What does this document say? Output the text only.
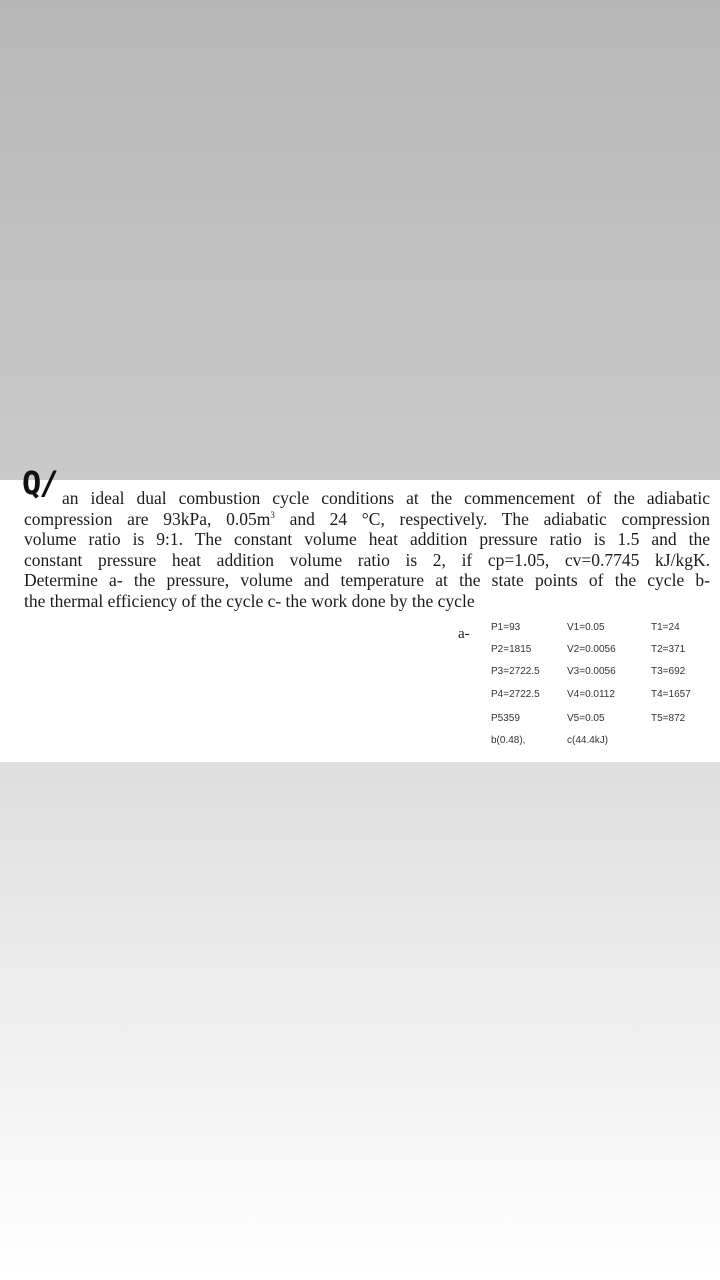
Q/ an ideal dual combustion cycle conditions at the commencement of the adiabatic
compression are 93kPa, $0.05m^3$ and 24 °C, respectively. The adiabatic compression
volume ratio is 9:1. The constant volume heat addition pressure ratio is 1.5 and the
constant pressure heat addition volume ratio is 2, if cp=1.05, cv=0.7745 kJ/kgK.
Determine a- the pressure, volume and temperature at the state points of the cycle b-
the thermal efficiency of the cycle c- the work done by the cycle
a- P1=93	V1=0.05	T1=24
P2=1815	V2=0.0056	T2=371
P3=2722.5	V3=0.0056	T3=692
P4=2722.5	V4=0.0112	T4=1657
P5359	V5=0.05	T5=872
b(0.48),	c(44.4kJ)
